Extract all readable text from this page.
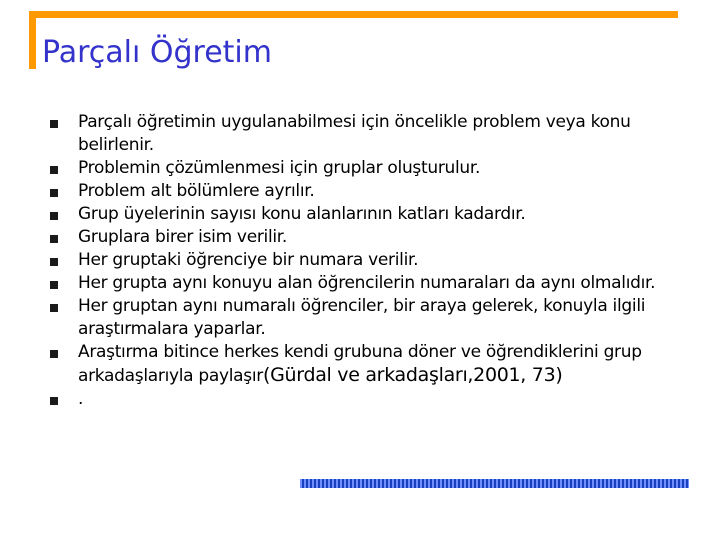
Parçalı Öğretim
Parçalı öğretimin uygulanabilmesi için öncelikle problem veya konu belirlenir.
Problemin çözümlenmesi için gruplar oluşturulur.
Problem alt bölümlere ayrılır.
Grup üyelerinin sayısı konu alanlarının katları kadardır.
Gruplara birer isim verilir.
Her gruptaki öğrenciye bir numara verilir.
Her grupta aynı konuyu alan öğrencilerin numaraları da aynı olmalıdır.
Her gruptan aynı numaralı öğrenciler, bir araya gelerek, konuyla ilgili araştırmalara yaparlar.
Araştırma bitince herkes kendi grubuna döner ve öğrendiklerini grup arkadaşlarıyla paylaşır(Gürdal ve arkadaşları,2001, 73)
.
